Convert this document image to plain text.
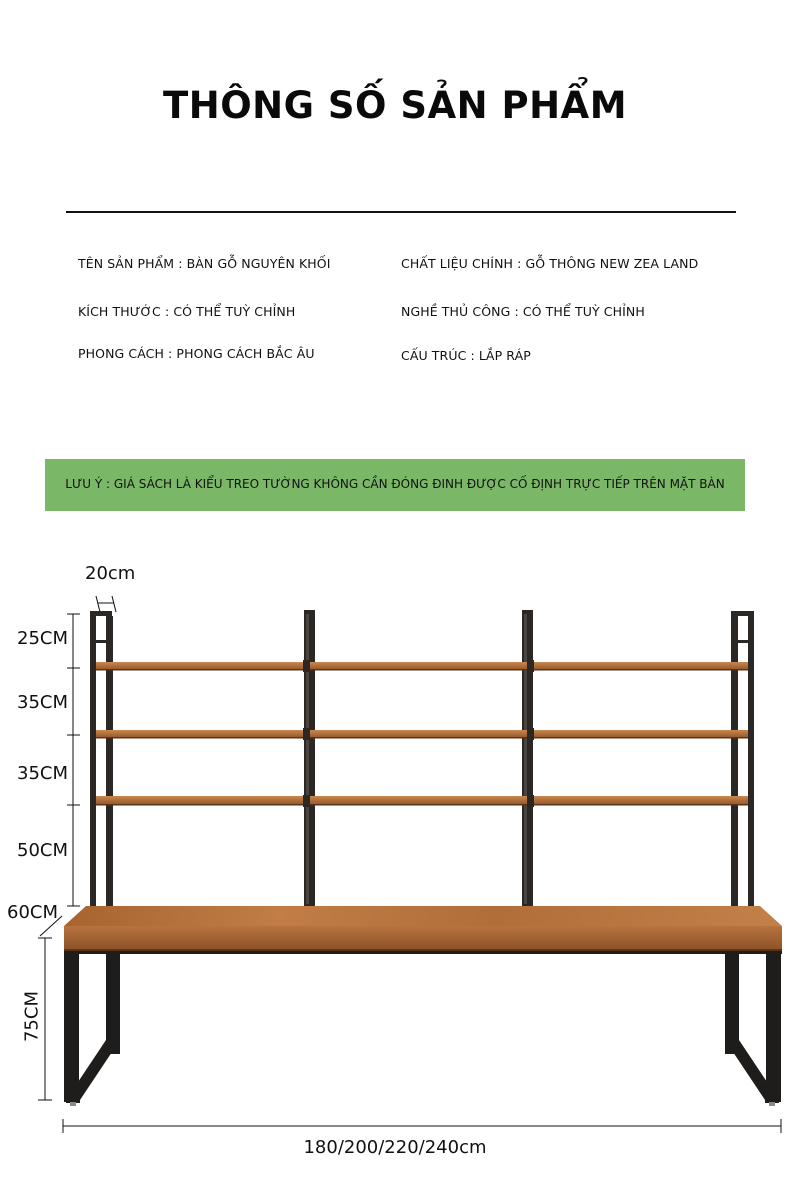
THÔNG SỐ SẢN PHẨM
TÊN SẢN PHẨM : BÀN GỖ NGUYÊN KHỐI	CHẤT LIỆU CHÍNH : GỖ THÔNG NEW ZEA LAND
KÍCH THƯỚC : CÓ THỂ TUỲ CHỈNH	NGHỀ THỦ CÔNG : CÓ THỂ TUỲ CHỈNH
PHONG CÁCH : PHONG CÁCH BẮC ÂU	CẤU TRÚC : LẮP RÁP
LƯU Ý : GIÁ SÁCH LÀ KIỂU TREO TƯỜNG KHÔNG CẦN ĐÓNG ĐINH ĐƯỢC CỐ ĐỊNH TRỰC TIẾP TRÊN MẶT BÀN
20cm
25CM
35CM
35CM
50CM
60CM
75CM
180/200/220/240cm
